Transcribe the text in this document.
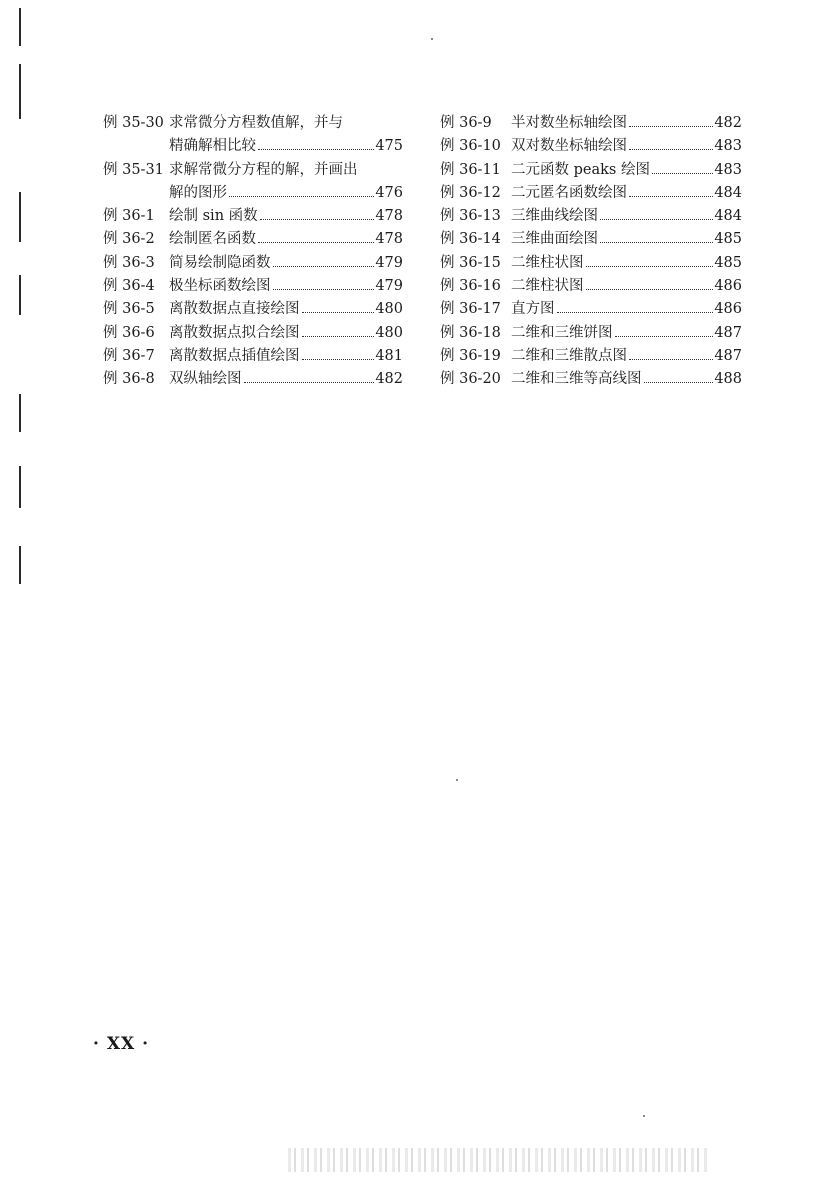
例 35-30 求常微分方程数值解，并与
精确解相比较	475
例 35-31 求解常微分方程的解，并画出
解的图形	476
例 36-1 绘制 sin 函数	478
例 36-2 绘制匿名函数	478
例 36-3 简易绘制隐函数	479
例 36-4 极坐标函数绘图	479
例 36-5 离散数据点直接绘图	480
例 36-6 离散数据点拟合绘图	480
例 36-7 离散数据点插值绘图	481
例 36-8 双纵轴绘图	482
例 36-9 半对数坐标轴绘图	482
例 36-10 双对数坐标轴绘图	483
例 36-11 二元函数 peaks 绘图	483
例 36-12 二元匿名函数绘图	484
例 36-13 三维曲线绘图	484
例 36-14 三维曲面绘图	485
例 36-15 二维柱状图	485
例 36-16 二维柱状图	486
例 36-17 直方图	486
例 36-18 二维和三维饼图	487
例 36-19 二维和三维散点图	487
例 36-20 二维和三维等高线图	488
· XX ·
